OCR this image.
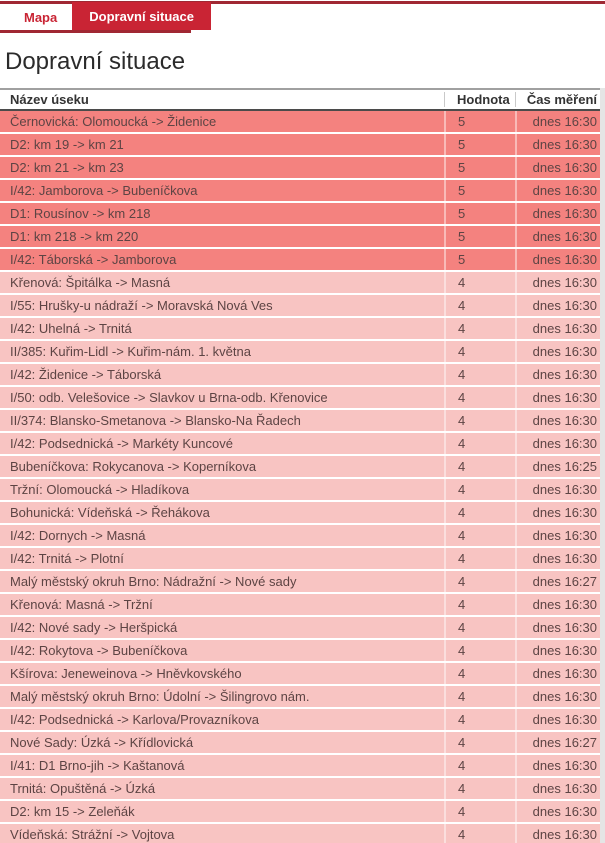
Mapa Dopravní situace
Dopravní situace
Název úseku	Hodnota	Čas měření
Černovická: Olomoucká -> Židenice	5	dnes 16:30
D2: km 19 -> km 21	5	dnes 16:30
D2: km 21 -> km 23	5	dnes 16:30
I/42: Jamborova -> Bubeníčkova	5	dnes 16:30
D1: Rousínov -> km 218	5	dnes 16:30
D1: km 218 -> km 220	5	dnes 16:30
I/42: Táborská -> Jamborova	5	dnes 16:30
Křenová: Špitálka -> Masná	4	dnes 16:30
I/55: Hrušky-u nádraží -> Moravská Nová Ves	4	dnes 16:30
I/42: Uhelná -> Trnitá	4	dnes 16:30
II/385: Kuřim-Lidl -> Kuřim-nám. 1. května	4	dnes 16:30
I/42: Židenice -> Táborská	4	dnes 16:30
I/50: odb. Velešovice -> Slavkov u Brna-odb. Křenovice	4	dnes 16:30
II/374: Blansko-Smetanova -> Blansko-Na Řadech	4	dnes 16:30
I/42: Podsednická -> Markéty Kuncové	4	dnes 16:30
Bubeníčkova: Rokycanova -> Koperníkova	4	dnes 16:25
Tržní: Olomoucká -> Hladíkova	4	dnes 16:30
Bohunická: Vídeňská -> Řehákova	4	dnes 16:30
I/42: Dornych -> Masná	4	dnes 16:30
I/42: Trnitá -> Plotní	4	dnes 16:30
Malý městský okruh Brno: Nádražní -> Nové sady	4	dnes 16:27
Křenová: Masná -> Tržní	4	dnes 16:30
I/42: Nové sady -> Heršpická	4	dnes 16:30
I/42: Rokytova -> Bubeníčkova	4	dnes 16:30
Kšírova: Jeneweinova -> Hněvkovského	4	dnes 16:30
Malý městský okruh Brno: Údolní -> Šilingrovo nám.	4	dnes 16:30
I/42: Podsednická -> Karlova/Provazníkova	4	dnes 16:30
Nové Sady: Úzká -> Křídlovická	4	dnes 16:27
I/41: D1 Brno-jih -> Kaštanová	4	dnes 16:30
Trnitá: Opuštěná -> Úzká	4	dnes 16:30
D2: km 15 -> Zeleňák	4	dnes 16:30
Vídeňská: Strážní -> Vojtova	4	dnes 16:30
